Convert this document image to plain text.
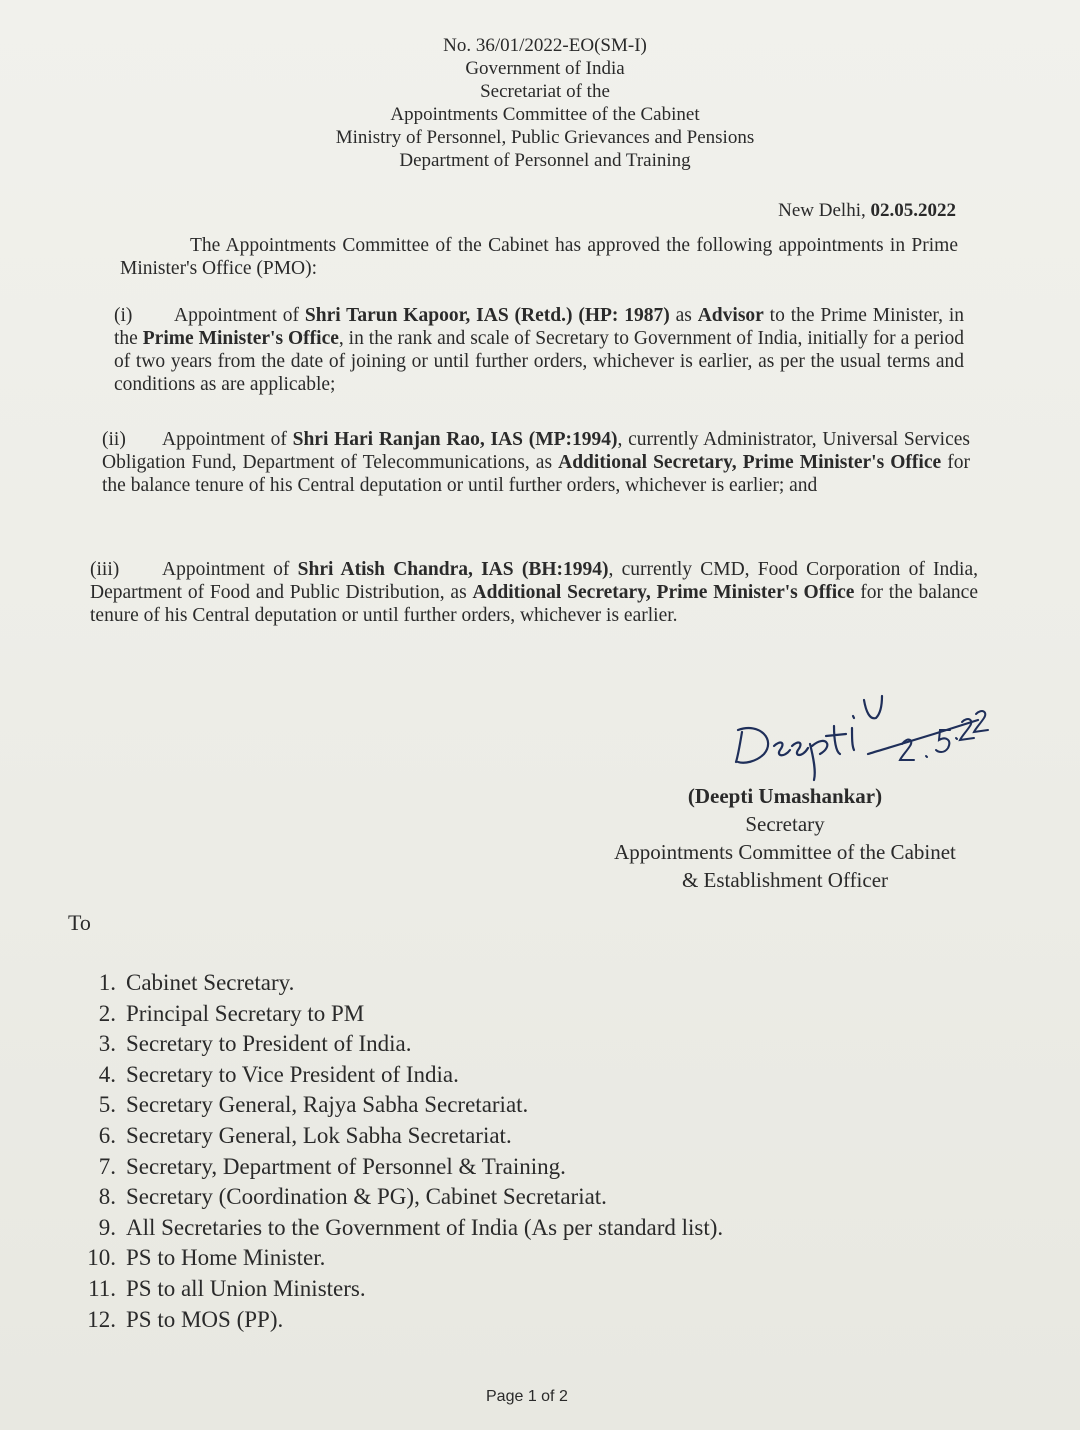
No. 36/01/2022-EO(SM-I)
Government of India
Secretariat of the
Appointments Committee of the Cabinet
Ministry of Personnel, Public Grievances and Pensions
Department of Personnel and Training
New Delhi, 02.05.2022
The Appointments Committee of the Cabinet has approved the following appointments in Prime Minister's Office (PMO):
(i) Appointment of Shri Tarun Kapoor, IAS (Retd.) (HP: 1987) as Advisor to the Prime Minister, in the Prime Minister's Office, in the rank and scale of Secretary to Government of India, initially for a period of two years from the date of joining or until further orders, whichever is earlier, as per the usual terms and conditions as are applicable;
(ii) Appointment of Shri Hari Ranjan Rao, IAS (MP:1994), currently Administrator, Universal Services Obligation Fund, Department of Telecommunications, as Additional Secretary, Prime Minister's Office for the balance tenure of his Central deputation or until further orders, whichever is earlier; and
(iii) Appointment of Shri Atish Chandra, IAS (BH:1994), currently CMD, Food Corporation of India, Department of Food and Public Distribution, as Additional Secretary, Prime Minister's Office for the balance tenure of his Central deputation or until further orders, whichever is earlier.
(Deepti Umashankar)
Secretary
Appointments Committee of the Cabinet
& Establishment Officer
To
1. Cabinet Secretary.
2. Principal Secretary to PM
3. Secretary to President of India.
4. Secretary to Vice President of India.
5. Secretary General, Rajya Sabha Secretariat.
6. Secretary General, Lok Sabha Secretariat.
7. Secretary, Department of Personnel & Training.
8. Secretary (Coordination & PG), Cabinet Secretariat.
9. All Secretaries to the Government of India (As per standard list).
10. PS to Home Minister.
11. PS to all Union Ministers.
12. PS to MOS (PP).
Page 1 of 2
